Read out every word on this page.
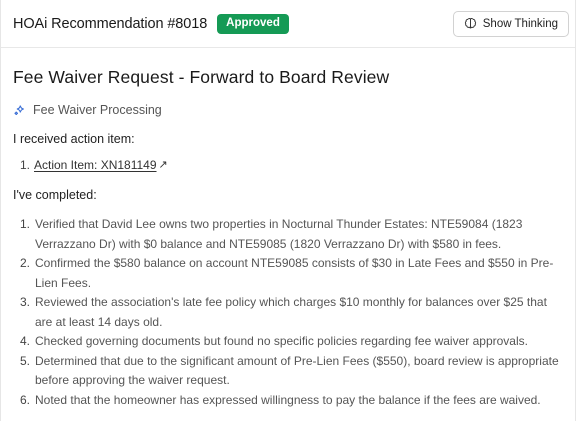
HOAi Recommendation #8018	Approved	Show Thinking
Fee Waiver Request - Forward to Board Review
Fee Waiver Processing
I received action item:
1. Action Item: XN181149 ↗
I've completed:
1. Verified that David Lee owns two properties in Nocturnal Thunder Estates: NTE59084 (1823 Verrazzano Dr) with $0 balance and NTE59085 (1820 Verrazzano Dr) with $580 in fees.
2. Confirmed the $580 balance on account NTE59085 consists of $30 in Late Fees and $550 in Pre-Lien Fees.
3. Reviewed the association's late fee policy which charges $10 monthly for balances over $25 that are at least 14 days old.
4. Checked governing documents but found no specific policies regarding fee waiver approvals.
5. Determined that due to the significant amount of Pre-Lien Fees ($550), board review is appropriate before approving the waiver request.
6. Noted that the homeowner has expressed willingness to pay the balance if the fees are waived.
